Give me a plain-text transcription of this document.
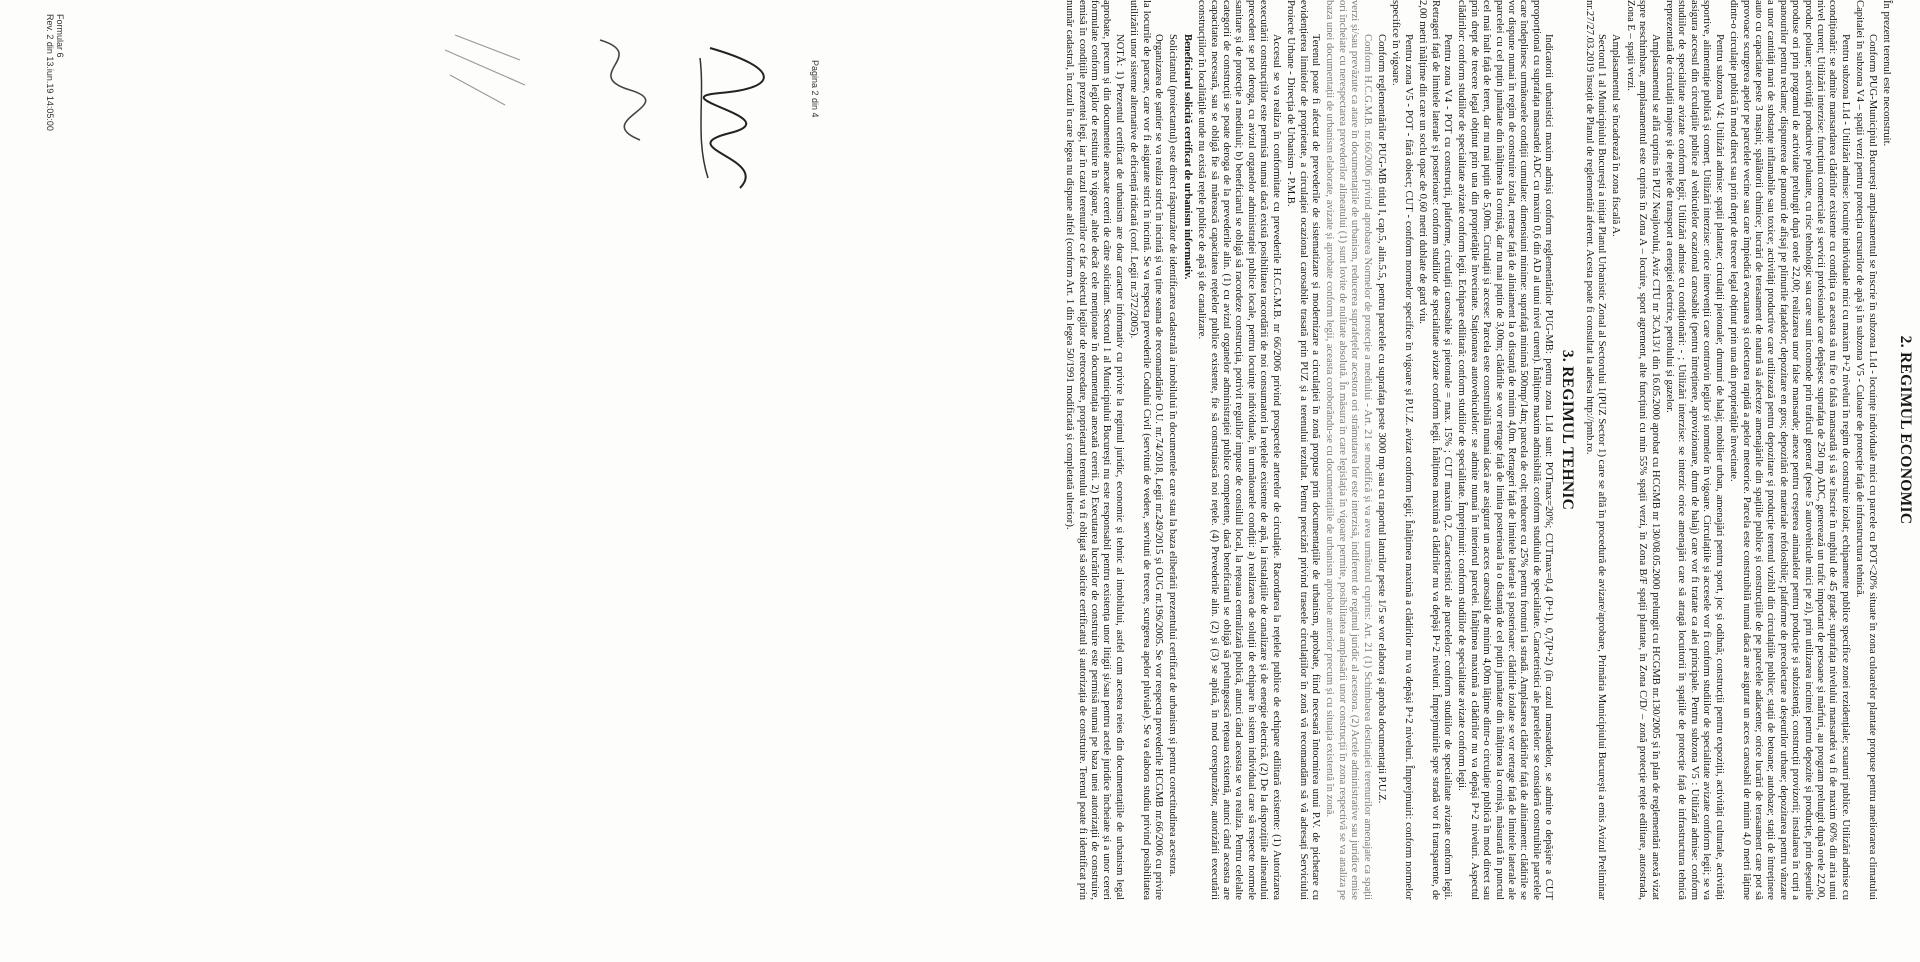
2. REGIMUL ECONOMIC
În prezent terenul este neconstruit.
Conform PUG-Municipiul București amplasamentul se înscrie în subzona L1d - locuințe individuale mici cu parcele cu POT<20% situate în zona culoarelor plantate propuse pentru ameliorarea climatului Capitalei în subzona V4 – spații verzi pentru protecția cursurilor de apă și în subzona V5 - Culoare de protecție față de infrastructura tehnică.
Pentru subzona L1d - Utilizări admise: locuințe individuale mici cu maxim P+2 niveluri în regim de construire izolat; echipamente publice specifice zonei rezidențiale; scuaruri publice. Utilizări admise cu condiționări: se admite mansardarea clădirilor existente cu condiția ca aceasta să nu fie o falsă mansardă și să se înscrie în unghiul de 45 grade; suprafața nivelului mansardei va fi de maxim 60% din aria unui nivel curent; Utilizări interzise: funcțiuni comerciale și servicii profesionale care depășesc suprafața de 250 mp ADC, generează un trafic important de persoane și mărfuri, au program prelungit după orele 22,00, produc poluare; activități productive poluante, cu risc tehnologic sau care sunt incomode prin traficul generat (peste 5 autovehicule mici pe zi), prin utilizarea incintei pentru depozite și producție, prin deșeurile produse ori prin programul de activitate prelungit după orele 22,00; realizarea unor false mansarde; anexe pentru creșterea animalelor pentru producție și subzistență; construcții provizorii; instalarea în curți a panourilor pentru reclame; dispunerea de panouri de afișaj pe plinurile fațadelor; depozitare en gros; depozitări de materiale refolosibile; platforme de precolectare a deșeurilor urbane; depozitarea pentru vânzare a unor cantități mari de substanțe inflamabile sau toxice; activități productive care utilizează pentru depozitare și producție terenul vizibil din circulațiile publice; stații de betoane; autobaze; stații de întreținere auto cu capacitate peste 3 mașini; spălătorii chimice; lucrări de terasament de natură să afecteze amenajările din spațiile publice și construcțiile de pe parcelele adiacente; orice lucrări de terasament care pot să provoace scurgerea apelor pe parcelele vecine sau care împiedică evacuarea și colectarea rapidă a apelor meteorice. Parcela este construibilă numai dacă are asigurat un acces carosabil de minim 4,0 metri lățime dintr-o circulație publică în mod direct sau prin drept de trecere legal obținut prin una din proprietățile învecinate.
Pentru subzona V4: Utilizări admise: spații plantate; circulații pietonale; drumuri de halaj; mobilier urban, amenajări pentru sport, joc și odihnă; construcții pentru expoziții, activități culturale, activități sportive, alimentație publică și comerț. Utilizări interzise: orice intervenții care contravin legilor și normelor în vigoare. Circulațiile și accesele vor fi conform studiilor de specialitate avizate conform legii; se va asigura accesul din circulațiile publice al vehiculelor ocazional carosabile (pentru întreținere, aprovizionare, drum de halaj) care vor fi tratate ca alei principale. Pentru subzona V5 : Utilizări admise: conform studiilor de specialitate avizate conform legii; Utilizări admise cu condiționări: - ; Utilizări interzise: se interzic orice amenajări care să atragă locuitorii în spațiile de protecție față de infrastructura tehnică reprezentată de circulații majore și de rețele de transport a energiei electrice, petrolului și gazelor.
Amplasamentul se află cuprins în PUZ Neajlovului, Aviz CTU nr 3CA13/1 din 16.05.2000 aprobat cu HCGMB nr 130/08.05.2000 prelungit cu HCGMB nr.130/2005 și în plan de reglementări anexă vizat spre neschimbare, amplasamentul este cuprins în Zona A – locuire, sport agrement, alte funcțiuni cu min 55% spații verzi, în Zona B/F spații plantate, în Zona C/D/ – zonă protecție rețele edilitare, autostrada, Zona E – spații verzi.
Amplasamentul se încadrează în zona fiscală A.
Sectorul 1 al Municipiului București a inițiat Planul Urbanistic Zonal al Sectorului 1(PUZ Sector 1) care se află în procedură de avizare/aprobare, Primăria Municipiului București a emis Avizul Preliminar nr.27/27.03.2019 însoțit de Planul de reglementări aferent. Acesta poate fi consultat la adresa http://pmb.ro.
3. REGIMUL TEHNIC
Indicatorii urbanistici maxim admiși conform reglementărilor PUG-MB: pentru zona L1d sunt: POTmax=20%; CUTmax=0,4 (P+1), 0,7(P+2) (în cazul mansardelor, se admite o depășire a CUT proporțional cu suprafața mansardei ADC cu maxim 0,6 din AD al unui nivel curent). Înălțime maxim admisibilă: conform studiului de specialitate. Caracteristici ale parcelelor: se consideră construibile parcelele care îndeplinesc următoarele condiții cumulate: dimensiuni minime: suprafață minimă 500mp/14m; parcela de colț: reducere cu 25% pentru fronturi la stradă. Amplasarea clădirilor față de aliniament: clădirile se vor dispune numai în regim de construire izolat, retrase față de aliniament la o distanță de minim 4,0m. Retrageri față de limitele laterale și posterioare: clădirile izolate se vor retrage față de limitele laterale ale parcelei cu cel puțin jumătate din înălțimea la cornișă, dar nu mai puțin de 3,00m; clădirile se vor retrage față de limita posterioară la o distanță de cel puțin jumătate din înălțimea la cornișă, măsurată în punctul cel mai înalt față de teren, dar nu mai puțin de 5,00m. Circulații și accese: Parcela este construibilă numai dacă are asigurat un acces carosabil de minim 4,00m lățime dintr-o circulație publică în mod direct sau prin drept de trecere legal obținut prin una din proprietățile învecinate. Staționarea autovehiculelor: se admite numai în interiorul parcelei. Înălțimea maximă a clădirilor nu va depăși P+2 niveluri. Aspectul clădirilor: conform studiilor de specialitate avizate conform legii. Echipare edilitară: conform studiilor de specialitate. Împrejmuiri: conform studiilor de specialitate avizate conform legii.
Pentru zona V4 - POT cu construcții, platforme, circulații carosabile și pietonale = max. 15% ; CUT maxim 0,2. Caracteristici ale parcelelor: conform studiilor de specialitate avizate conform legii. Retrageri față de limitele laterale și posterioare: conform studiilor de specialitate avizate conform legii. Înălțimea maximă a clădirilor nu va depăși P+2 niveluri. Împrejmuirile spre stradă vor fi transparente, de 2,00 metri înălțime din care un soclu opac de 0,60 metri dublate de gard viu.
Pentru zona V5 - POT - fără obiect; CUT - conform normelor specifice în vigoare și P.U.Z. avizat conform legii; Înălțimea maximă a clădirilor nu va depăși P+2 niveluri. Împrejmuiri: conform normelor specifice în vigoare.
Conform reglementărilor PUG-MB titlul I, cap.5, alin.5.5, pentru parcelele cu suprafața peste 3000 mp sau cu raportul laturilor peste 1/5 se vor elabora și aproba documentații P.U.Z.
Conform H.C.G.M.B. nr.66/2006 privind aprobarea Normelor de protecție a mediului - Art. 21 se modifică și va avea următorul cuprins: Art. 21 (1) Schimbarea destinației terenurilor amenajate ca spații verzi și/sau prevăzute ca atare în documentațiile de urbanism, reducerea suprafețelor acestora ori strămutarea lor este interzisă, indiferent de regimul juridic al acestora. (2) Actele administrative sau juridice emise ori încheiate cu nerespectarea prevederilor alineatului (1) sunt lovite de nulitate absolută. În măsura în care legislația în vigoare permite, posibilitatea amplasării unor construcții în zona respectivă se va analiza pe baza unei documentații de urbanism elaborate, avizate și aprobate conform legii, aceasta coroborându-se cu documentațiile de urbanism aprobate anterior precum și cu situația existentă în zonă.
Terenul poate fi afectat de prevederile de sistematizare și modernizare a circulației în zonă propuse prin documentațiile de urbanism, aprobate, fiind necesară întocmirea unui P.V. de pichetare cu evidențierea limitelor de proprietate, a circulației ocazional carosabile trasată prin PUZ și a terenului rezultat. Pentru precizări privind traseele circulațiilor în zonă vă recomandăm să vă adresați Serviciului Proiecte Urbane - Direcția de Urbanism - P.M.B.
Accesul se va realiza în conformitate cu prevederile H.C.G.M.B. nr 66/2006 privind prospectele arterelor de circulație. Racordarea la rețelele publice de echipare edilitară existente: (1) Autorizarea executării construcțiilor este permisă numai dacă există posibilitatea racordării de noi consumatori la rețelele existente de apă, la instalațiile de canalizare și de energie electrică. (2) De la dispozițiile alineatului precedent se pot deroga, cu avizul organelor administrației publice locale, pentru locuințe individuale, în următoarele condiții: a) realizarea de soluții de echipare în sistem individual care să respecte normele sanitare și de protecție a mediului; b) beneficiarul se obligă să racordeze construcția, potrivit regulilor impuse de consiliul local, la rețeaua centralizată publică, atunci când aceasta se va realiza. Pentru celelalte categorii de construcții se poate deroga de la prevederile alin. (1) cu avizul organelor administrației publice competente, dacă beneficiarul se obligă să prelungească rețeaua existentă, atunci când aceasta are capacitatea necesară, sau se obligă fie să mărească capacitatea rețelelor publice existente, fie să construiască noi rețele. (4) Prevederile alin. (2) și (3) se aplică, în mod corespunzător, autorizării executării construcțiilor în localitățile unde nu există rețele publice de apă și de canalizare.
Beneficiarul solicită certificat de urbanism informativ.
Solicitantul (proiectantul) este direct răspunzător de identificarea cadastrală a imobilului în documentele care stau la baza eliberării prezentului certificat de urbanism și pentru corectitudinea acestora.
Organizarea de șantier se va realiza strict în incintă și va ține seama de recomandările O.U. nr.74/2018, Legii nr.249/2015 și OUG nr.196/2005. Se vor respecta prevederile HCGMB nr.66/2006 cu privire la locurile de parcare, care vor fi asigurate strict în incintă. Se va respecta prevederile Codului Civil (servituti de vedere, servituti de trecere, scurgerea apelor pluviale). Se va elabora studiu privind posibilitatea utilizării unor sisteme alternative de eficiență ridicată (conf. Legii nr.372/2005).
NOTĂ: 1) Prezentul certificat de urbanism are doar caracter informativ cu privire la regimul juridic, economic și tehnic al imobilului, astfel cum acestea reies din documentațiile de urbanism legal aprobate, precum și din documentele anexate cererii de către solicitant. Sectorul 1 al Municipiului București nu este responsabil pentru existența unor litigii și/sau pentru actele juridice încheiate și a unor cereri formulate conform legilor de restituire în vigoare, altele decât cele menționate în documentația anexată cererii. 2) Executarea lucrărilor de construire este permisă numai pe baza unei autorizații de construire, emisă în condițiile prezentei legi, iar în cazul terenurilor ce fac obiectul legilor de retrocedare, proprietarul terenului va fi obligat să solicite certificatul și autorizația de construire. Terenul poate fi identificat prin număr cadastral, în cazul în care legea nu dispune altfel (conform Art. 1 din legea 50/1991 modificată și completată ulterior).
Formular 6
Rev. 2 din 13.iun.19 14:05:00	Pagina 2 din 4
